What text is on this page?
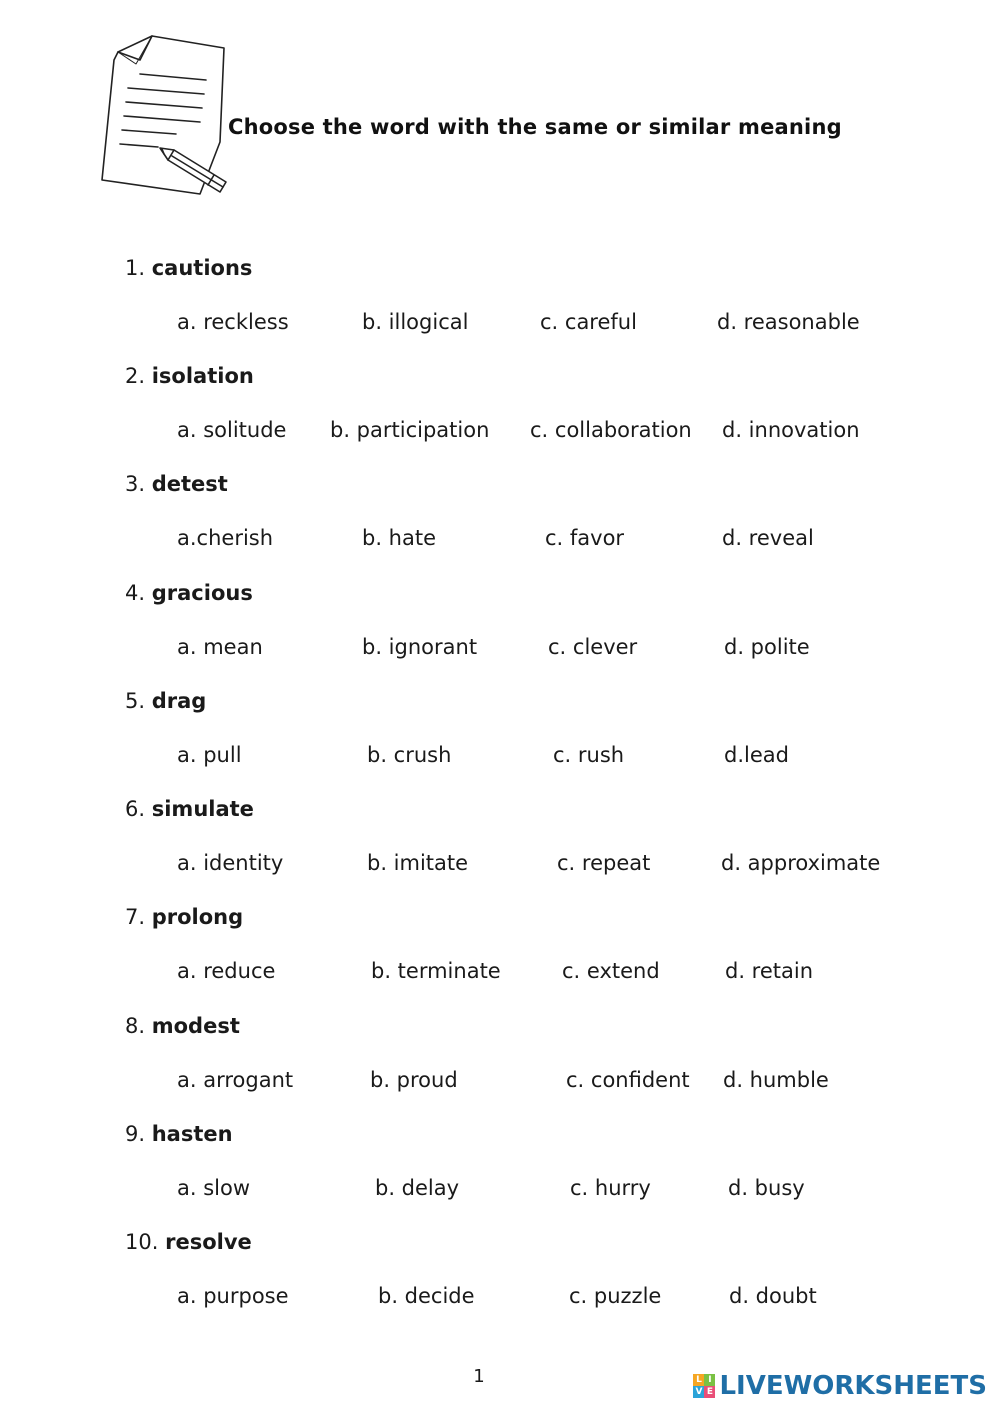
Choose the word with the same or similar meaning
1. cautions
a. reckless	b. illogical	c. careful	d. reasonable
2. isolation
a. solitude b. participation c. collaboration d. innovation
3. detest
a.cherish	b. hate	c. favor	d. reveal
4. gracious
a. mean	b. ignorant	c. clever	d. polite
5. drag
a. pull	b. crush	c. rush	d.lead
6. simulate
a. identity	b. imitate	c. repeat	d. approximate
7. prolong
a. reduce	b. terminate	c. extend	d. retain
8. modest
a. arrogant	b. proud	c. confident d. humble
9. hasten
a. slow	b. delay	c. hurry	d. busy
10. resolve
a. purpose	b. decide	c. puzzle	d. doubt
1	L I
V E LIVEWORKSHEETS
